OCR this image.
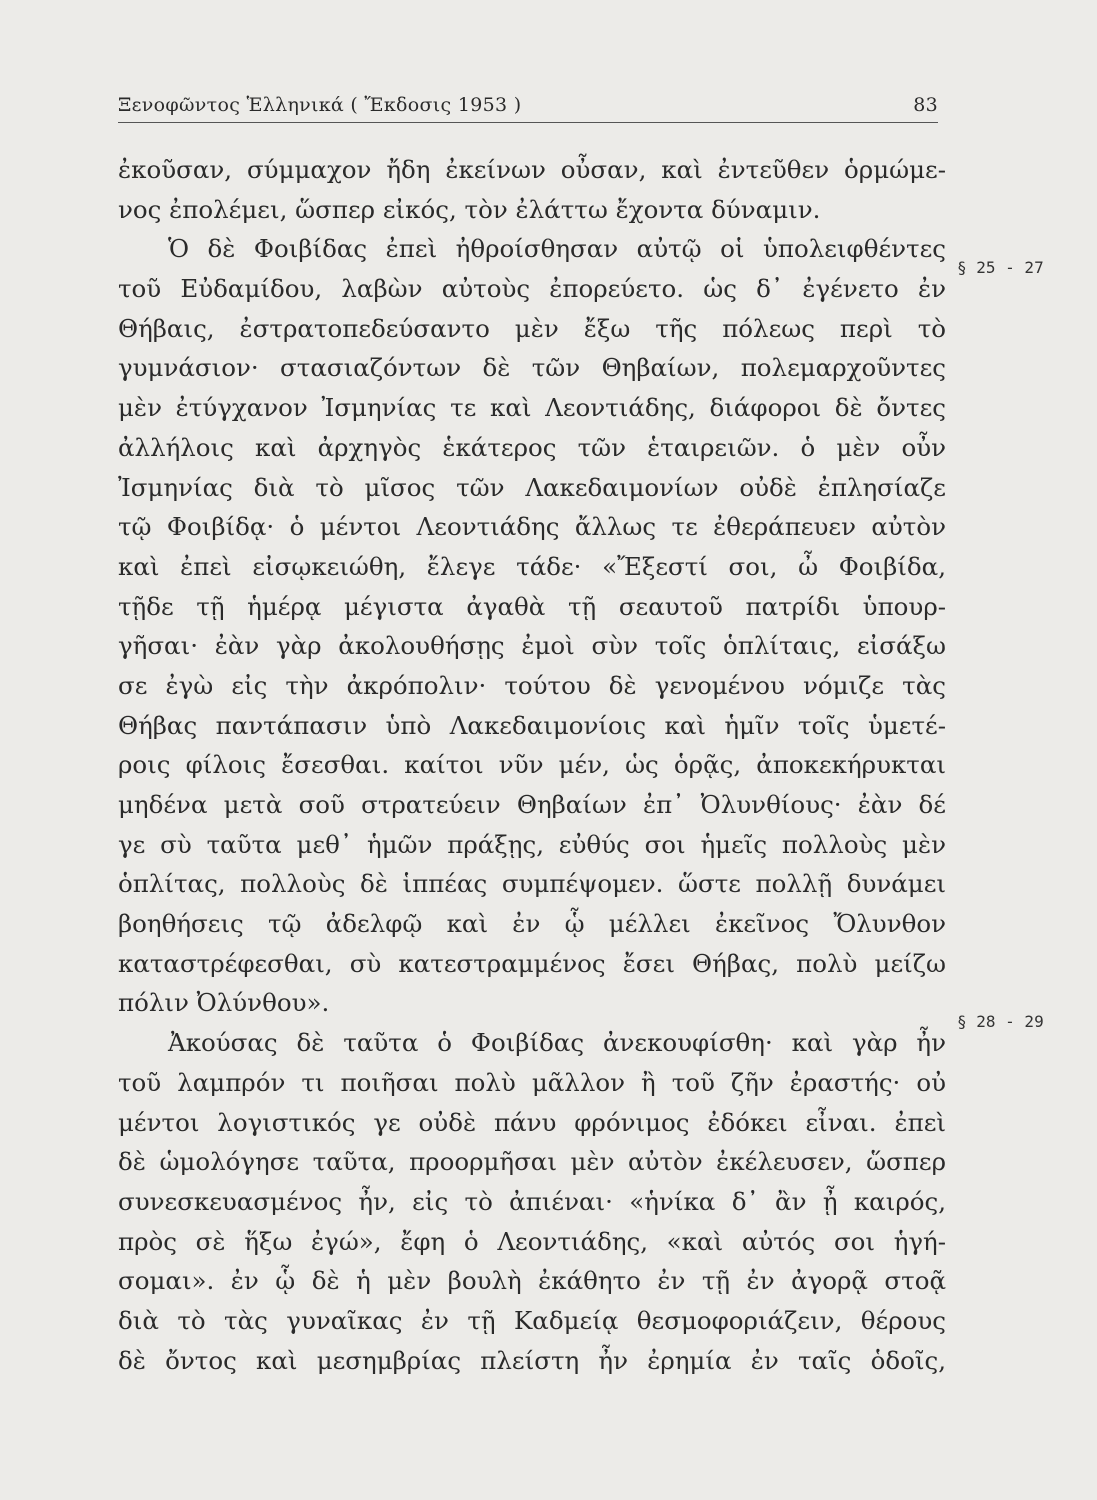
Ξενοφῶντος Ἑλληνικά ( Ἔκδοσις 1953 )	83
§ 25 - 27
§ 28 - 29
ἐκοῦσαν, σύμμαχον ἤδη ἐκείνων οὖσαν, καὶ ἐντεῦθεν ὁρμώμε-
νος ἐπολέμει, ὥσπερ εἰκός, τὸν ἐλάττω ἔχοντα δύναμιν.
Ὁ δὲ Φοιβίδας ἐπεὶ ἠθροίσθησαν αὐτῷ οἱ ὑπολειφθέντες
τοῦ Εὐδαμίδου, λαβὼν αὐτοὺς ἐπορεύετο. ὡς δ᾿ ἐγένετο ἐν
Θήβαις, ἐστρατοπεδεύσαντο μὲν ἔξω τῆς πόλεως περὶ τὸ
γυμνάσιον· στασιαζόντων δὲ τῶν Θηβαίων, πολεμαρχοῦντες
μὲν ἐτύγχανον Ἰσμηνίας τε καὶ Λεοντιάδης, διάφοροι δὲ ὄντες
ἀλλήλοις καὶ ἀρχηγὸς ἑκάτερος τῶν ἑταιρειῶν. ὁ μὲν οὖν
Ἰσμηνίας διὰ τὸ μῖσος τῶν Λακεδαιμονίων οὐδὲ ἐπλησίαζε
τῷ Φοιβίδᾳ· ὁ μέντοι Λεοντιάδης ἄλλως τε ἐθεράπευεν αὐτὸν
καὶ ἐπεὶ εἰσῳκειώθη, ἔλεγε τάδε· «Ἔξεστί σοι, ὦ Φοιβίδα,
τῇδε τῇ ἡμέρᾳ μέγιστα ἀγαθὰ τῇ σεαυτοῦ πατρίδι ὑπουρ-
γῆσαι· ἐὰν γὰρ ἀκολουθήσῃς ἐμοὶ σὺν τοῖς ὁπλίταις, εἰσάξω
σε ἐγὼ εἰς τὴν ἀκρόπολιν· τούτου δὲ γενομένου νόμιζε τὰς
Θήβας παντάπασιν ὑπὸ Λακεδαιμονίοις καὶ ἡμῖν τοῖς ὑμετέ-
ροις φίλοις ἔσεσθαι. καίτοι νῦν μέν, ὡς ὁρᾷς, ἀποκεκήρυκται
μηδένα μετὰ σοῦ στρατεύειν Θηβαίων ἐπ᾿ Ὀλυνθίους· ἐὰν δέ
γε σὺ ταῦτα μεθ᾿ ἡμῶν πράξῃς, εὐθύς σοι ἡμεῖς πολλοὺς μὲν
ὁπλίτας, πολλοὺς δὲ ἱππέας συμπέψομεν. ὥστε πολλῇ δυνάμει
βοηθήσεις τῷ ἀδελφῷ καὶ ἐν ᾧ μέλλει ἐκεῖνος Ὄλυνθον
καταστρέφεσθαι, σὺ κατεστραμμένος ἔσει Θήβας, πολὺ μείζω
πόλιν Ὀλύνθου».
Ἀκούσας δὲ ταῦτα ὁ Φοιβίδας ἀνεκουφίσθη· καὶ γὰρ ἦν
τοῦ λαμπρόν τι ποιῆσαι πολὺ μᾶλλον ἢ τοῦ ζῆν ἐραστής· οὐ
μέντοι λογιστικός γε οὐδὲ πάνυ φρόνιμος ἐδόκει εἶναι. ἐπεὶ
δὲ ὡμολόγησε ταῦτα, προορμῆσαι μὲν αὐτὸν ἐκέλευσεν, ὥσπερ
συνεσκευασμένος ἦν, εἰς τὸ ἀπιέναι· «ἡνίκα δ᾿ ἂν ᾖ καιρός,
πρὸς σὲ ἥξω ἐγώ», ἔφη ὁ Λεοντιάδης, «καὶ αὐτός σοι ἡγή-
σομαι». ἐν ᾧ δὲ ἡ μὲν βουλὴ ἐκάθητο ἐν τῇ ἐν ἀγορᾷ στοᾷ
διὰ τὸ τὰς γυναῖκας ἐν τῇ Καδμείᾳ θεσμοφοριάζειν, θέρους
δὲ ὄντος καὶ μεσημβρίας πλείστη ἦν ἐρημία ἐν ταῖς ὁδοῖς,
